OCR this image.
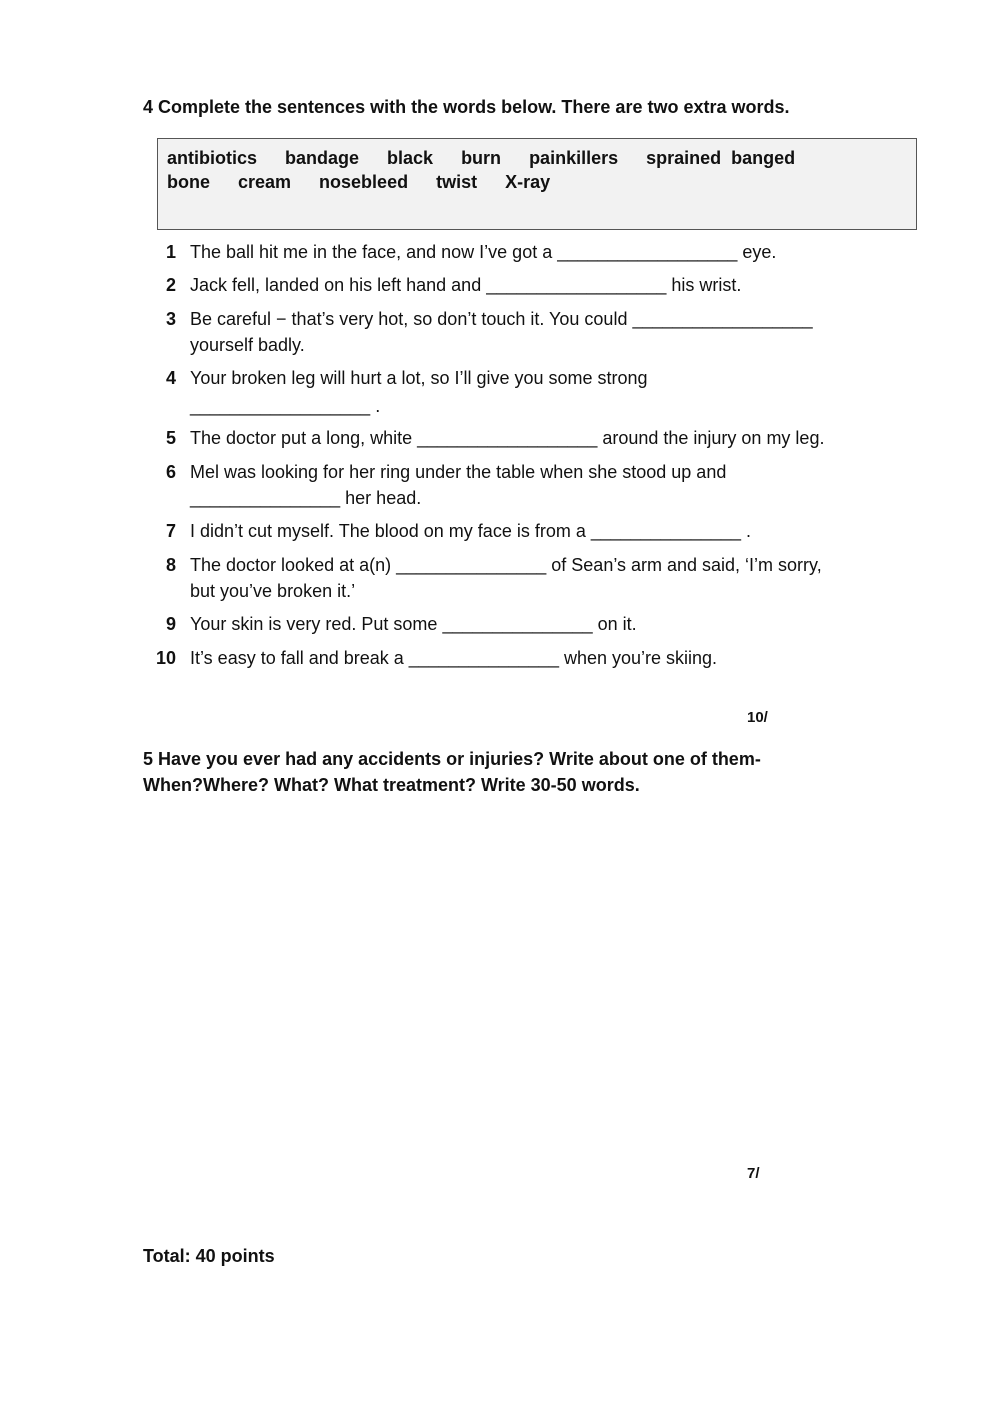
4 Complete the sentences with the words below. There are two extra words.

antibiotics bandage black burn painkillers sprained banged
bone cream nosebleed twist X-ray
1 The ball hit me in the face, and now I’ve got a __________________ eye.
2 Jack fell, landed on his left hand and __________________ his wrist.
3 Be careful − that’s very hot, so don’t touch it. You could __________________
yourself badly.
4 Your broken leg will hurt a lot, so I’ll give you some strong
__________________ .
5 The doctor put a long, white __________________ around the injury on my leg.
6 Mel was looking for her ring under the table when she stood up and
_______________ her head.
7 I didn’t cut myself. The blood on my face is from a _______________ .
8 The doctor looked at a(n) _______________ of Sean’s arm and said, ‘I’m sorry,
but you’ve broken it.’
9 Your skin is very red. Put some _______________ on it.
10 It’s easy to fall and break a _______________ when you’re skiing.
10/
5 Have you ever had any accidents or injuries? Write about one of them-
When?Where? What? What treatment? Write 30-50 words.
7/
Total: 40 points
